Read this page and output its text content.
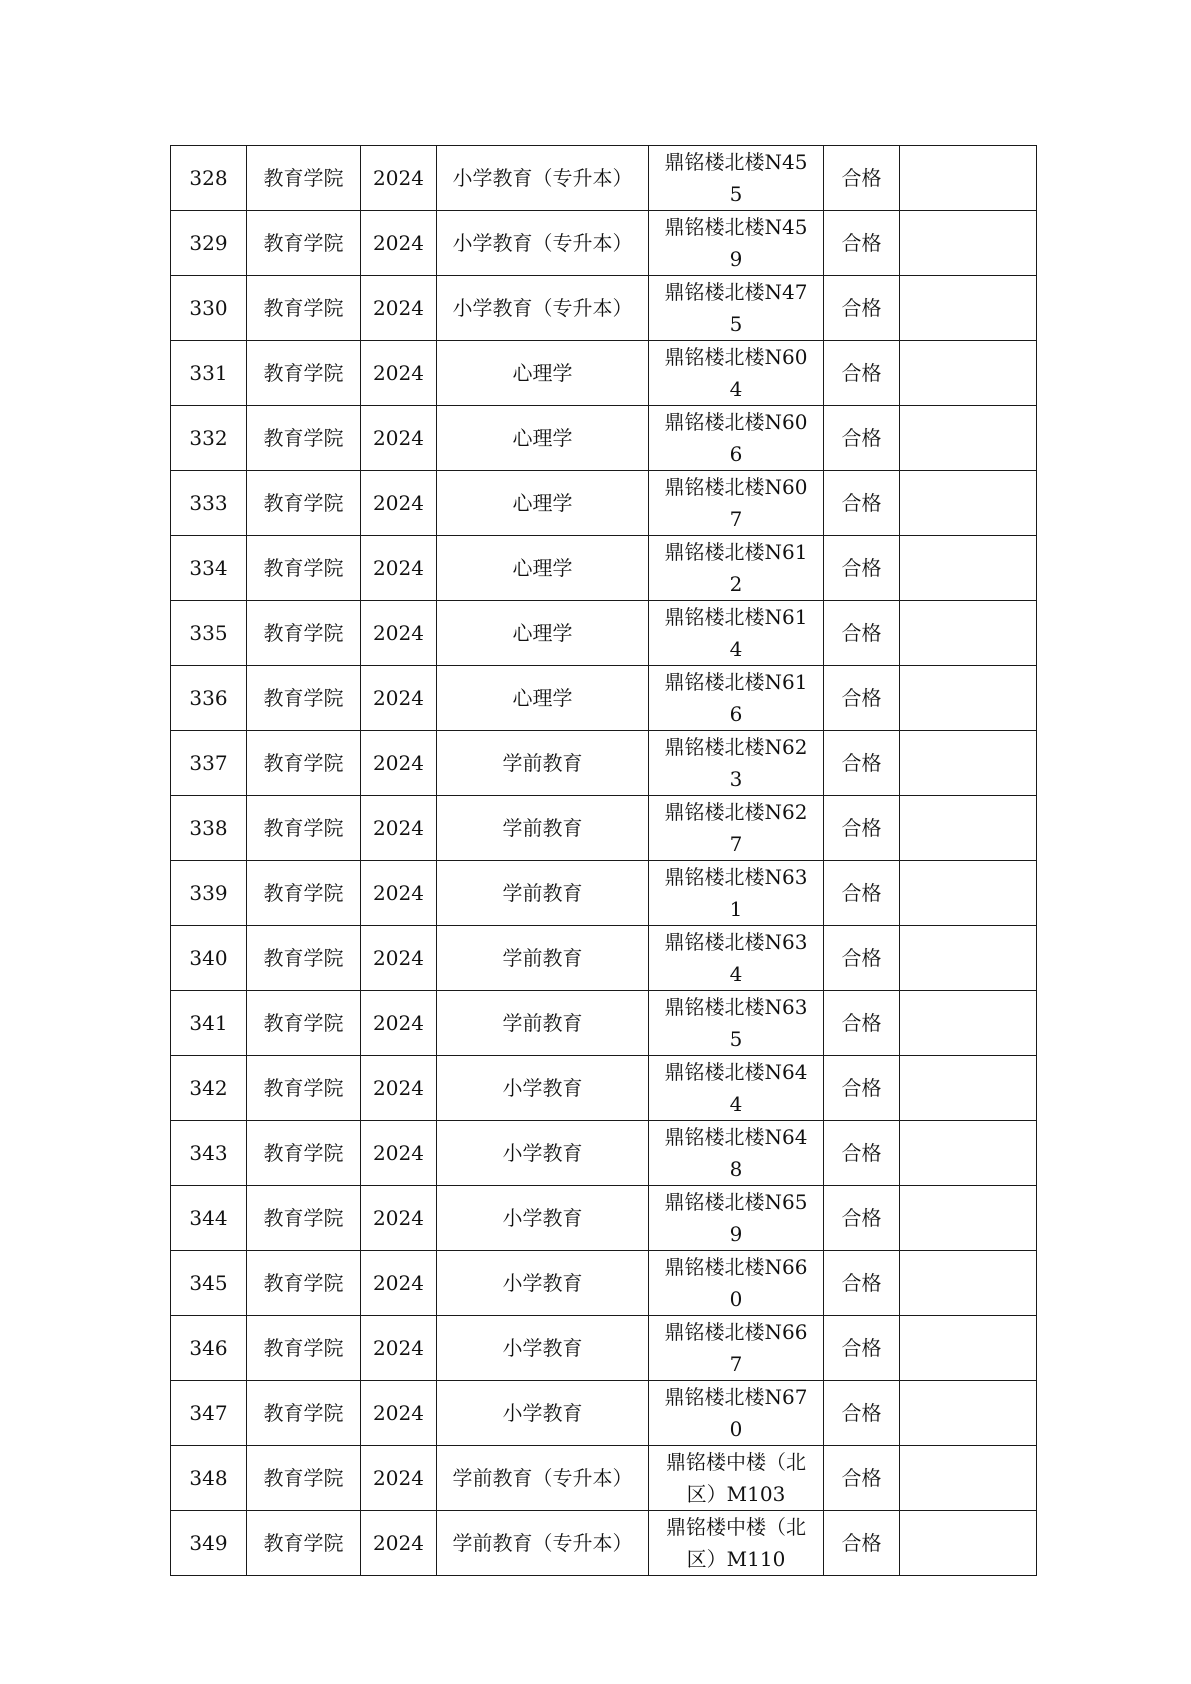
328	教育学院	2024	小学教育（专升本）	鼎铭楼北楼N455	合格	
329	教育学院	2024	小学教育（专升本）	鼎铭楼北楼N459	合格	
330	教育学院	2024	小学教育（专升本）	鼎铭楼北楼N475	合格	
331	教育学院	2024	心理学	鼎铭楼北楼N604	合格	
332	教育学院	2024	心理学	鼎铭楼北楼N606	合格	
333	教育学院	2024	心理学	鼎铭楼北楼N607	合格	
334	教育学院	2024	心理学	鼎铭楼北楼N612	合格	
335	教育学院	2024	心理学	鼎铭楼北楼N614	合格	
336	教育学院	2024	心理学	鼎铭楼北楼N616	合格	
337	教育学院	2024	学前教育	鼎铭楼北楼N623	合格	
338	教育学院	2024	学前教育	鼎铭楼北楼N627	合格	
339	教育学院	2024	学前教育	鼎铭楼北楼N631	合格	
340	教育学院	2024	学前教育	鼎铭楼北楼N634	合格	
341	教育学院	2024	学前教育	鼎铭楼北楼N635	合格	
342	教育学院	2024	小学教育	鼎铭楼北楼N644	合格	
343	教育学院	2024	小学教育	鼎铭楼北楼N648	合格	
344	教育学院	2024	小学教育	鼎铭楼北楼N659	合格	
345	教育学院	2024	小学教育	鼎铭楼北楼N660	合格	
346	教育学院	2024	小学教育	鼎铭楼北楼N667	合格	
347	教育学院	2024	小学教育	鼎铭楼北楼N670	合格	
348	教育学院	2024	学前教育（专升本）	鼎铭楼中楼（北区）M103	合格	
349	教育学院	2024	学前教育（专升本）	鼎铭楼中楼（北区）M110	合格	
